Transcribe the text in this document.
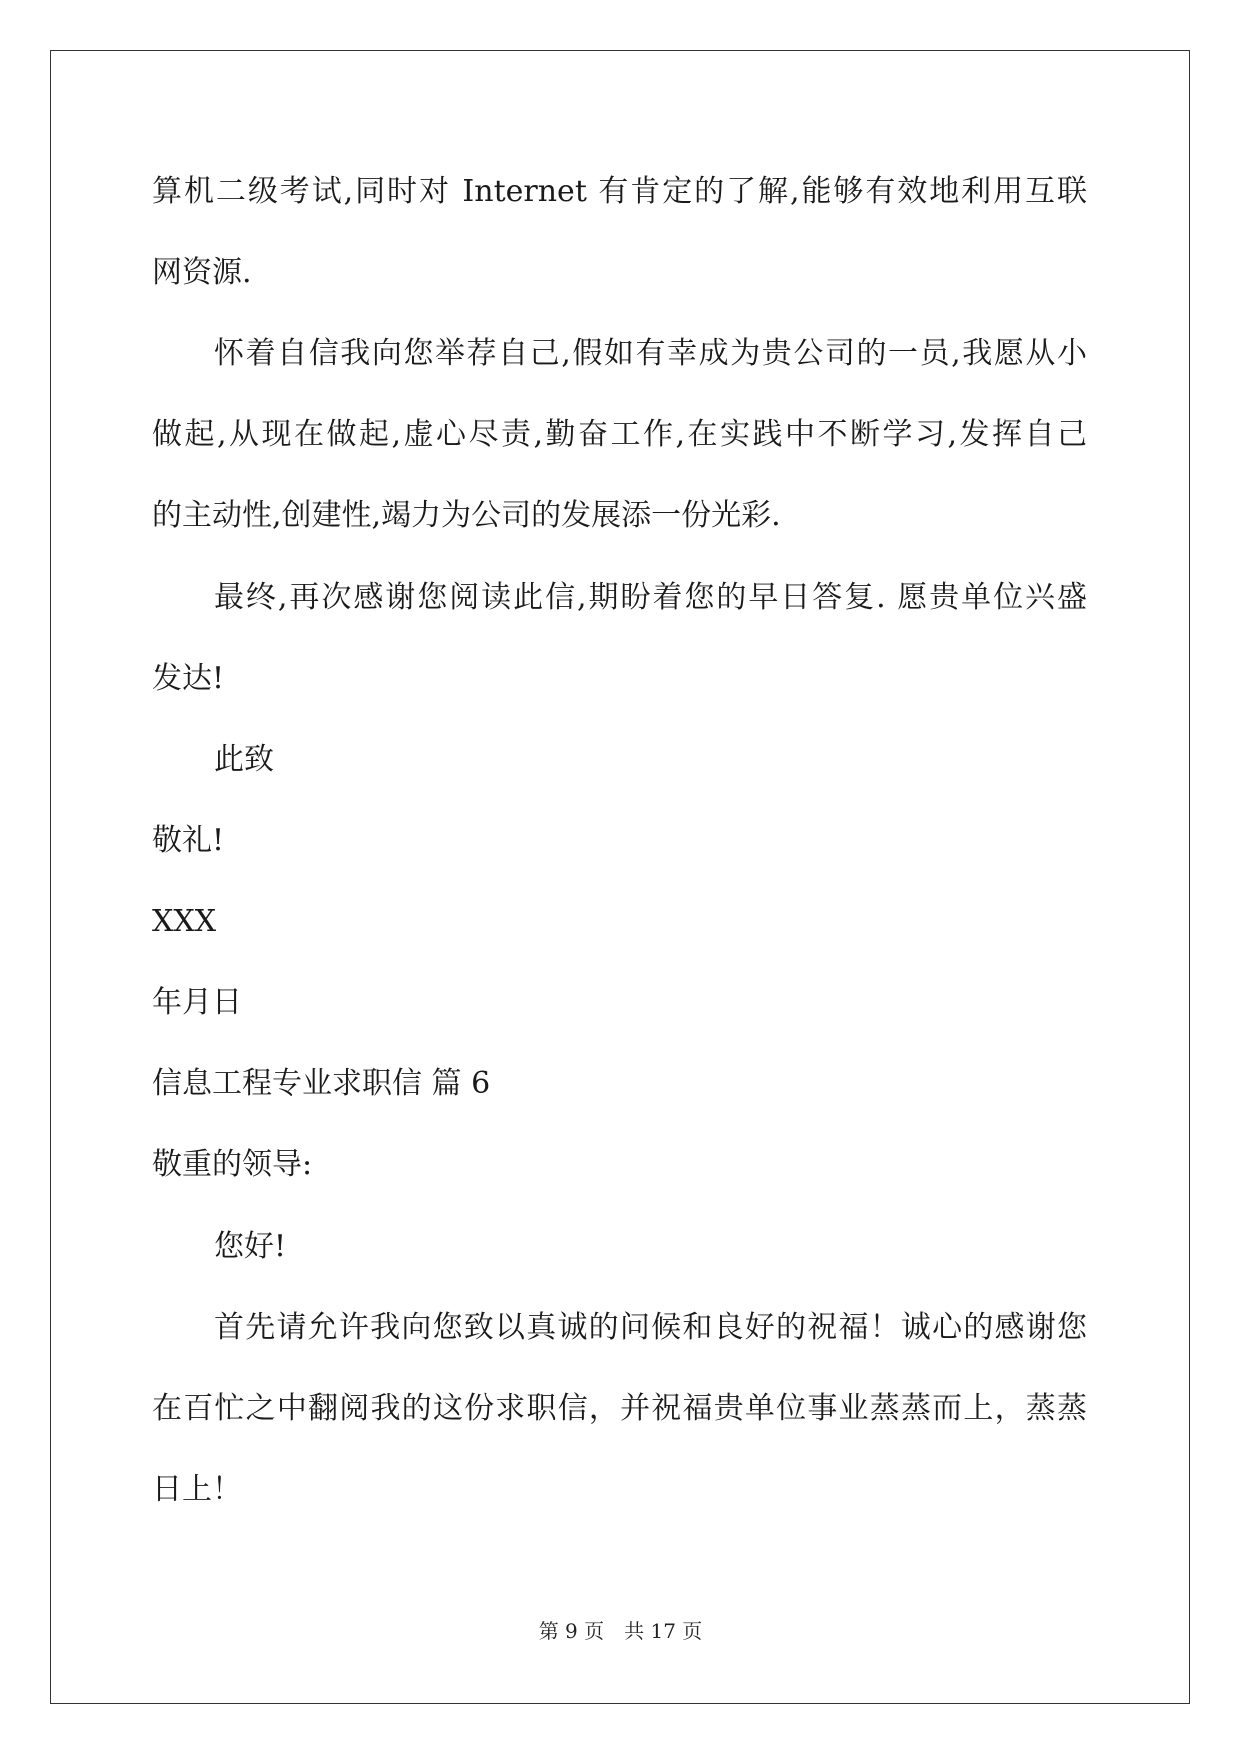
算机二级考试,同时对 Internet 有肯定的了解,能够有效地利用互联
网资源.
怀着自信我向您举荐自己,假如有幸成为贵公司的一员,我愿从小
做起,从现在做起,虚心尽责,勤奋工作,在实践中不断学习,发挥自己
的主动性,创建性,竭力为公司的发展添一份光彩.
最终,再次感谢您阅读此信,期盼着您的早日答复. 愿贵单位兴盛
发达!
此致
敬礼!
XXX
年月日
信息工程专业求职信 篇 6
敬重的领导:
您好!
首先请允许我向您致以真诚的问候和良好的祝福！诚心的感谢您
在百忙之中翻阅我的这份求职信，并祝福贵单位事业蒸蒸而上，蒸蒸
日上！
第 9 页　共 17 页
